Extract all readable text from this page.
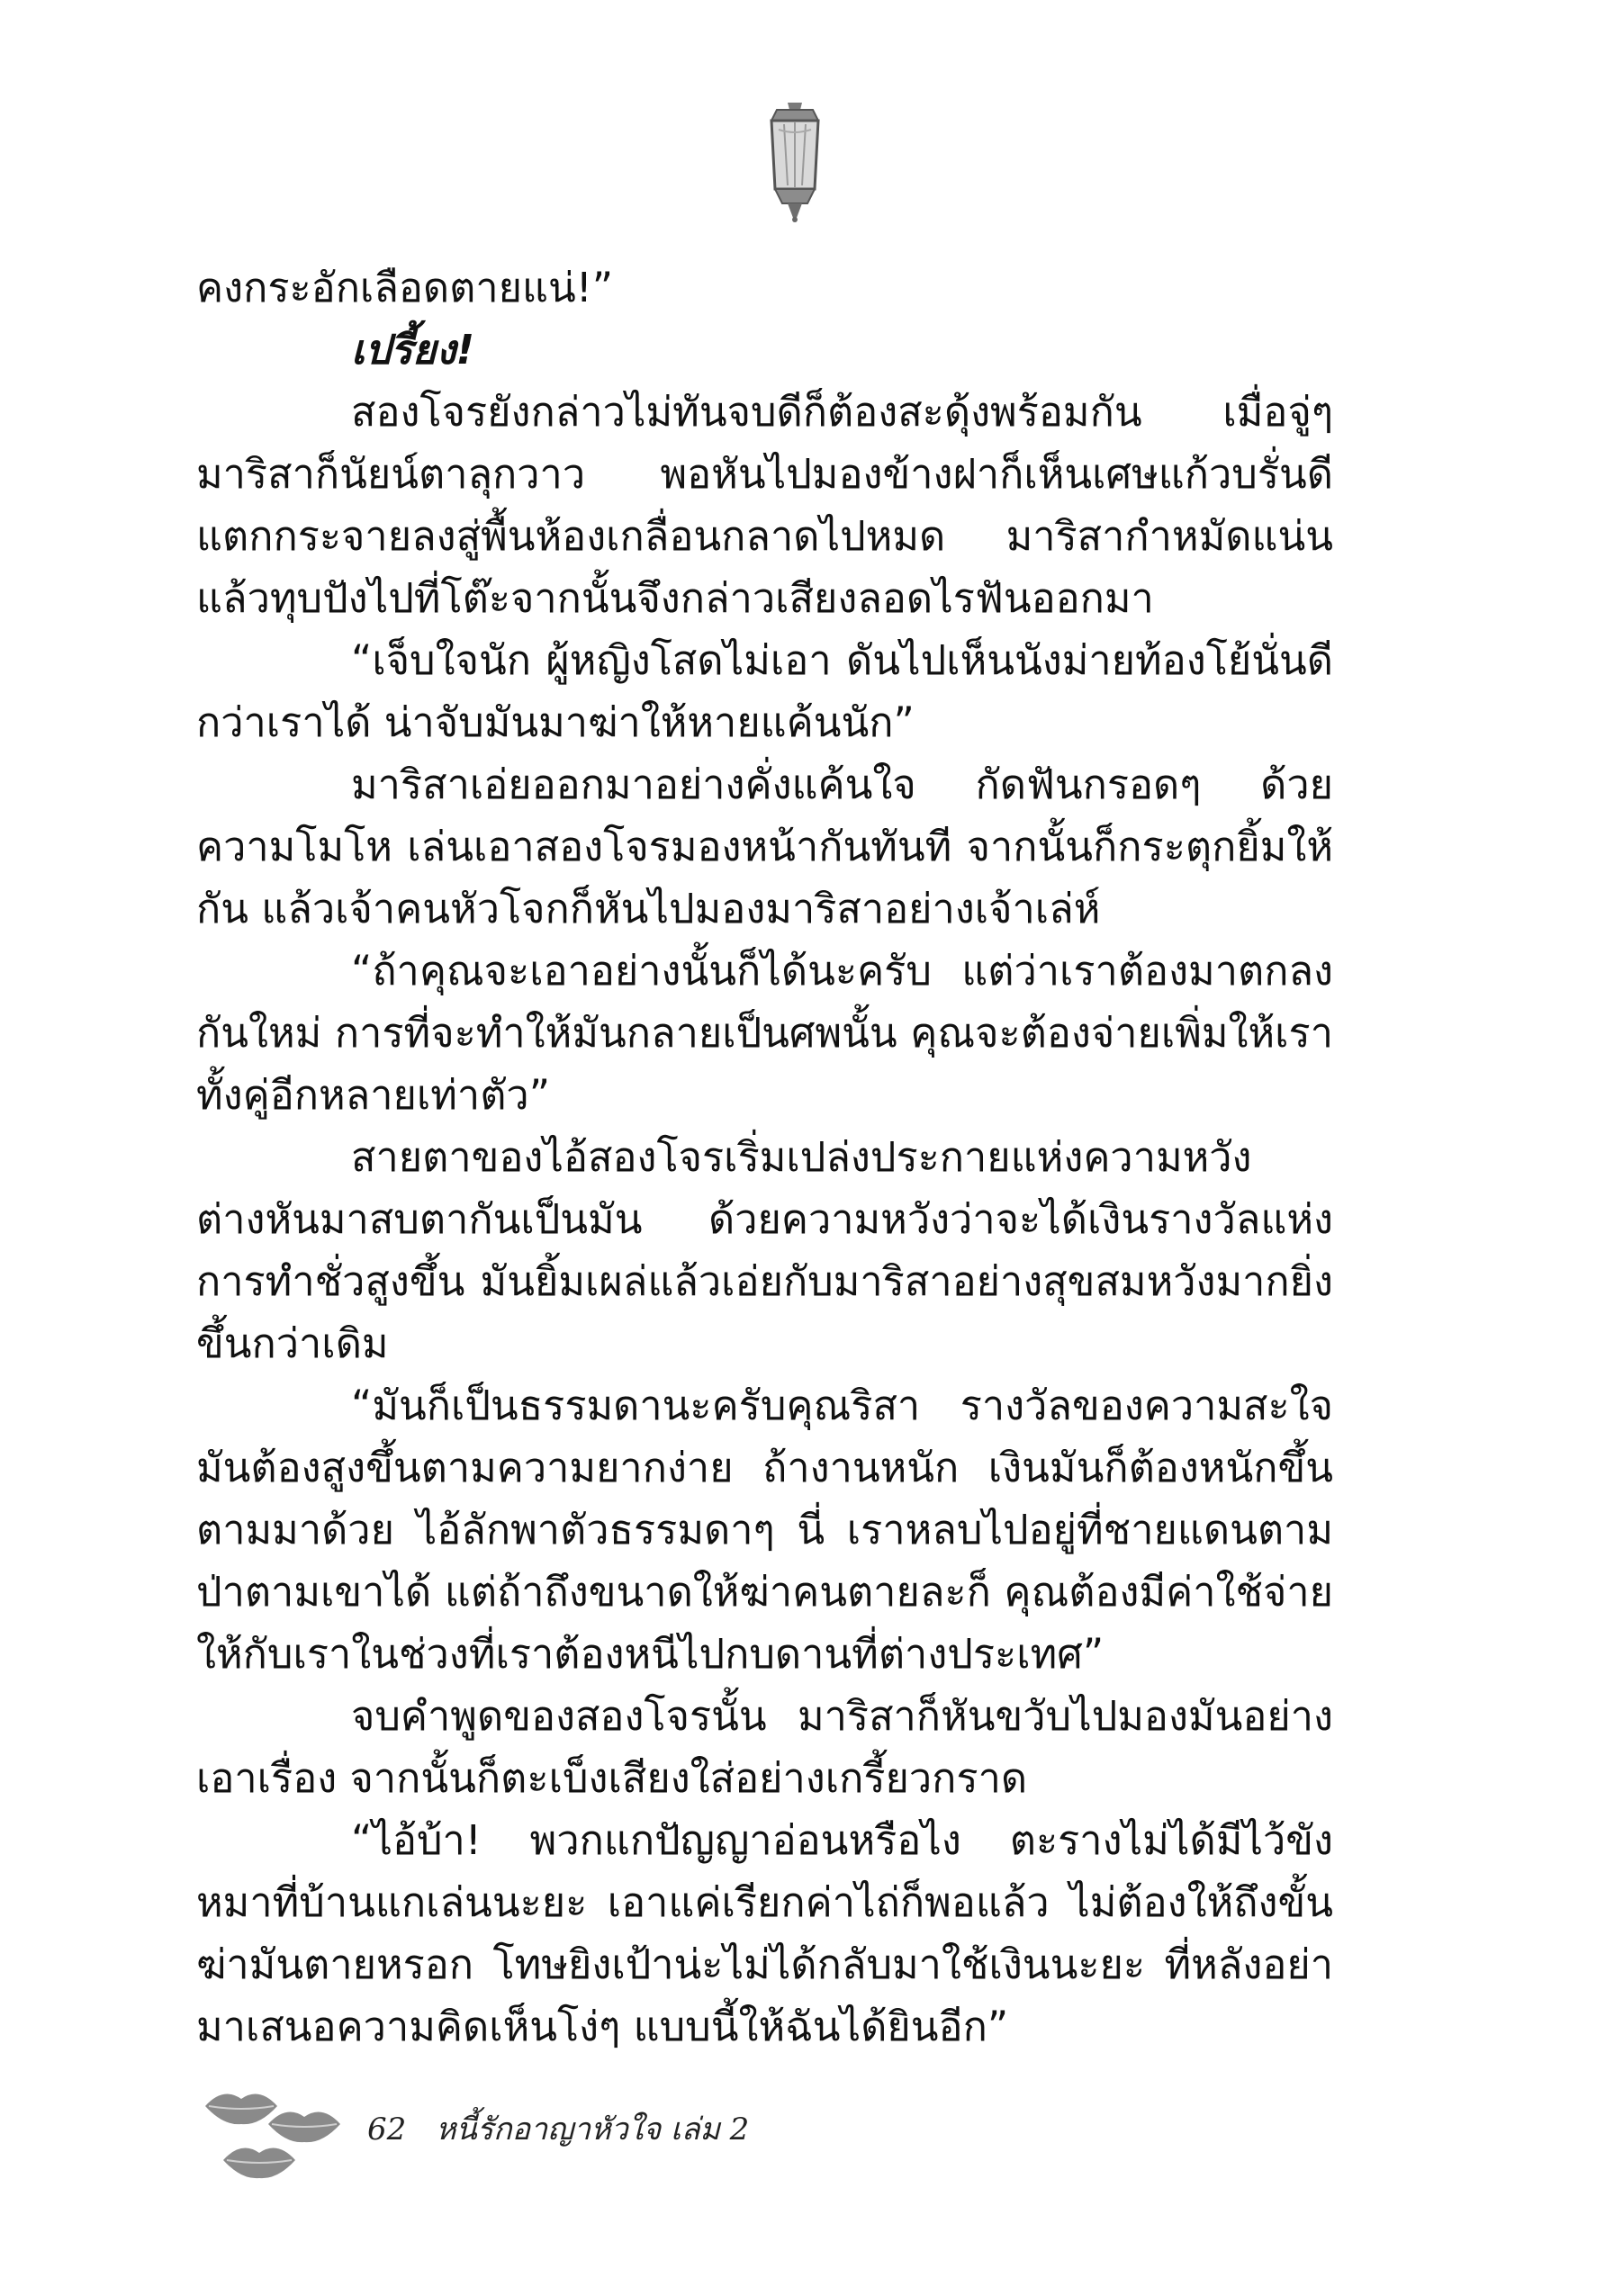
คงกระอักเลือดตายแน่!”

เปรี้ยง!

สองโจรยังกล่าวไม่ทันจบดีก็ต้องสะดุ้งพร้อมกัน เมื่อจู่ๆ มาริสาก็นัยน์ตาลุกวาว พอหันไปมองข้างฝาก็เห็นเศษแก้วบรั่นดีแตกกระจายลงสู่พื้นห้องเกลื่อนกลาดไปหมด มาริสากำหมัดแน่นแล้วทุบปังไปที่โต๊ะจากนั้นจึงกล่าวเสียงลอดไรฟันออกมา

“เจ็บใจนัก ผู้หญิงโสดไม่เอา ดันไปเห็นนังม่ายท้องโย้นั่นดีกว่าเราได้ น่าจับมันมาฆ่าให้หายแค้นนัก”

มาริสาเอ่ยออกมาอย่างคั่งแค้นใจ กัดฟันกรอดๆ ด้วยความโมโห เล่นเอาสองโจรมองหน้ากันทันที จากนั้นก็กระตุกยิ้มให้กัน แล้วเจ้าคนหัวโจกก็หันไปมองมาริสาอย่างเจ้าเล่ห์

“ถ้าคุณจะเอาอย่างนั้นก็ได้นะครับ แต่ว่าเราต้องมาตกลงกันใหม่ การที่จะทำให้มันกลายเป็นศพนั้น คุณจะต้องจ่ายเพิ่มให้เราทั้งคู่อีกหลายเท่าตัว”

สายตาของไอ้สองโจรเริ่มเปล่งประกายแห่งความหวัง ต่างหันมาสบตากันเป็นมัน ด้วยความหวังว่าจะได้เงินรางวัลแห่งการทำชั่วสูงขึ้น มันยิ้มเผล่แล้วเอ่ยกับมาริสาอย่างสุขสมหวังมากยิ่งขึ้นกว่าเดิม

“มันก็เป็นธรรมดานะครับคุณริสา รางวัลของความสะใจมันต้องสูงขึ้นตามความยากง่าย ถ้างานหนัก เงินมันก็ต้องหนักขึ้นตามมาด้วย ไอ้ลักพาตัวธรรมดาๆ นี่ เราหลบไปอยู่ที่ชายแดนตามป่าตามเขาได้ แต่ถ้าถึงขนาดให้ฆ่าคนตายละก็ คุณต้องมีค่าใช้จ่ายให้กับเราในช่วงที่เราต้องหนีไปกบดานที่ต่างประเทศ”

จบคำพูดของสองโจรนั้น มาริสาก็หันขวับไปมองมันอย่างเอาเรื่อง จากนั้นก็ตะเบ็งเสียงใส่อย่างเกรี้ยวกราด

“ไอ้บ้า! พวกแกปัญญาอ่อนหรือไง ตะรางไม่ได้มีไว้ขังหมาที่บ้านแกเล่นนะยะ เอาแค่เรียกค่าไถ่ก็พอแล้ว ไม่ต้องให้ถึงขั้นฆ่ามันตายหรอก โทษยิงเป้าน่ะไม่ได้กลับมาใช้เงินนะยะ ที่หลังอย่ามาเสนอความคิดเห็นโง่ๆ แบบนี้ให้ฉันได้ยินอีก”

62 หนี้รักอาญาหัวใจ เล่ม 2
